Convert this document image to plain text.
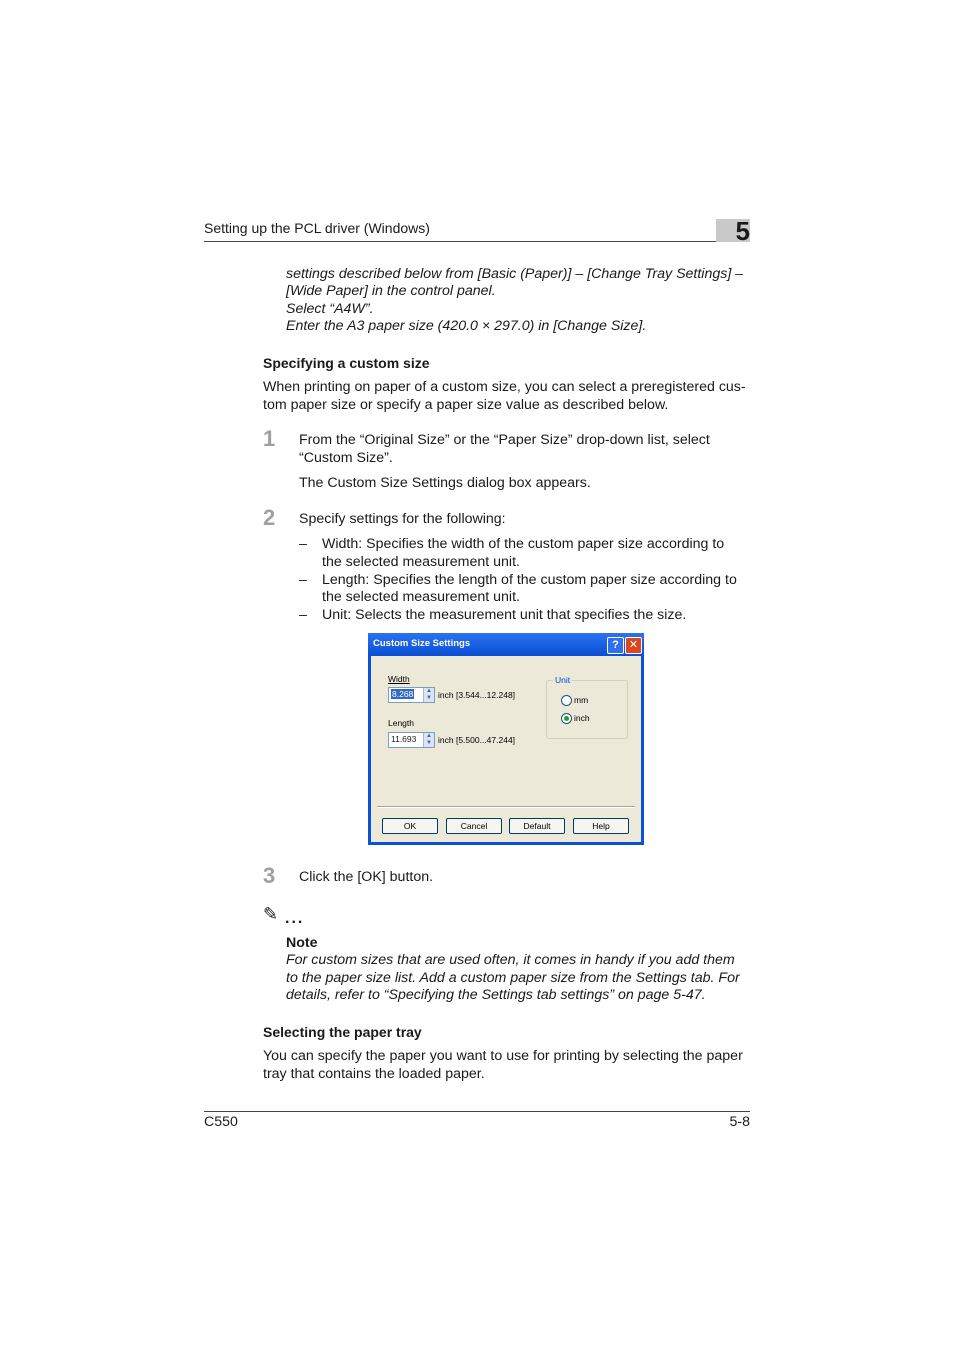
Setting up the PCL driver (Windows)	5
settings described below from [Basic (Paper)] – [Change Tray Settings] –
[Wide Paper] in the control panel.
Select “A4W”.
Enter the A3 paper size (420.0 × 297.0) in [Change Size].
Specifying a custom size
When printing on paper of a custom size, you can select a preregistered cus-
tom paper size or specify a paper size value as described below.
1 From the “Original Size” or the “Paper Size” drop-down list, select
“Custom Size”.
The Custom Size Settings dialog box appears.
2 Specify settings for the following:
– Width: Specifies the width of the custom paper size according to
the selected measurement unit.
– Length: Specifies the length of the custom paper size according to
the selected measurement unit.
– Unit: Selects the measurement unit that specifies the size.
Custom Size Settings	? ✕
Width
8.268	▲
▼ inch [3.544...12.248]
Length
11.693	▲
▼ inch [5.500...47.244]
Unit
mm
inch
OK	Cancel	Default	Help
3 Click the [OK] button.
✎ ...
Note
For custom sizes that are used often, it comes in handy if you add them
to the paper size list. Add a custom paper size from the Settings tab. For
details, refer to “Specifying the Settings tab settings” on page 5-47.
Selecting the paper tray
You can specify the paper you want to use for printing by selecting the paper
tray that contains the loaded paper.
C550	5-8
